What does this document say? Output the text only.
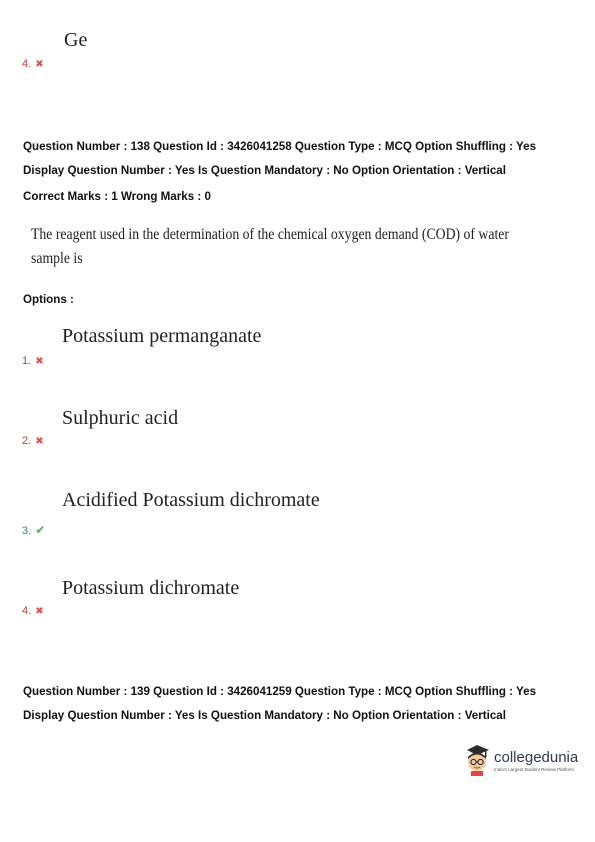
Ge
4. ✖
Question Number : 138 Question Id : 3426041258 Question Type : MCQ Option Shuffling : Yes
Display Question Number : Yes Is Question Mandatory : No Option Orientation : Vertical
Correct Marks : 1 Wrong Marks : 0
The reagent used in the determination of the chemical oxygen demand (COD) of water
sample is
Options :
Potassium permanganate
1. ✖
Sulphuric acid
2. ✖
Acidified Potassium dichromate
3. ✔
Potassium dichromate
4. ✖
Question Number : 139 Question Id : 3426041259 Question Type : MCQ Option Shuffling : Yes
Display Question Number : Yes Is Question Mandatory : No Option Orientation : Vertical
collegedunia
India's Largest Student Review Platform
